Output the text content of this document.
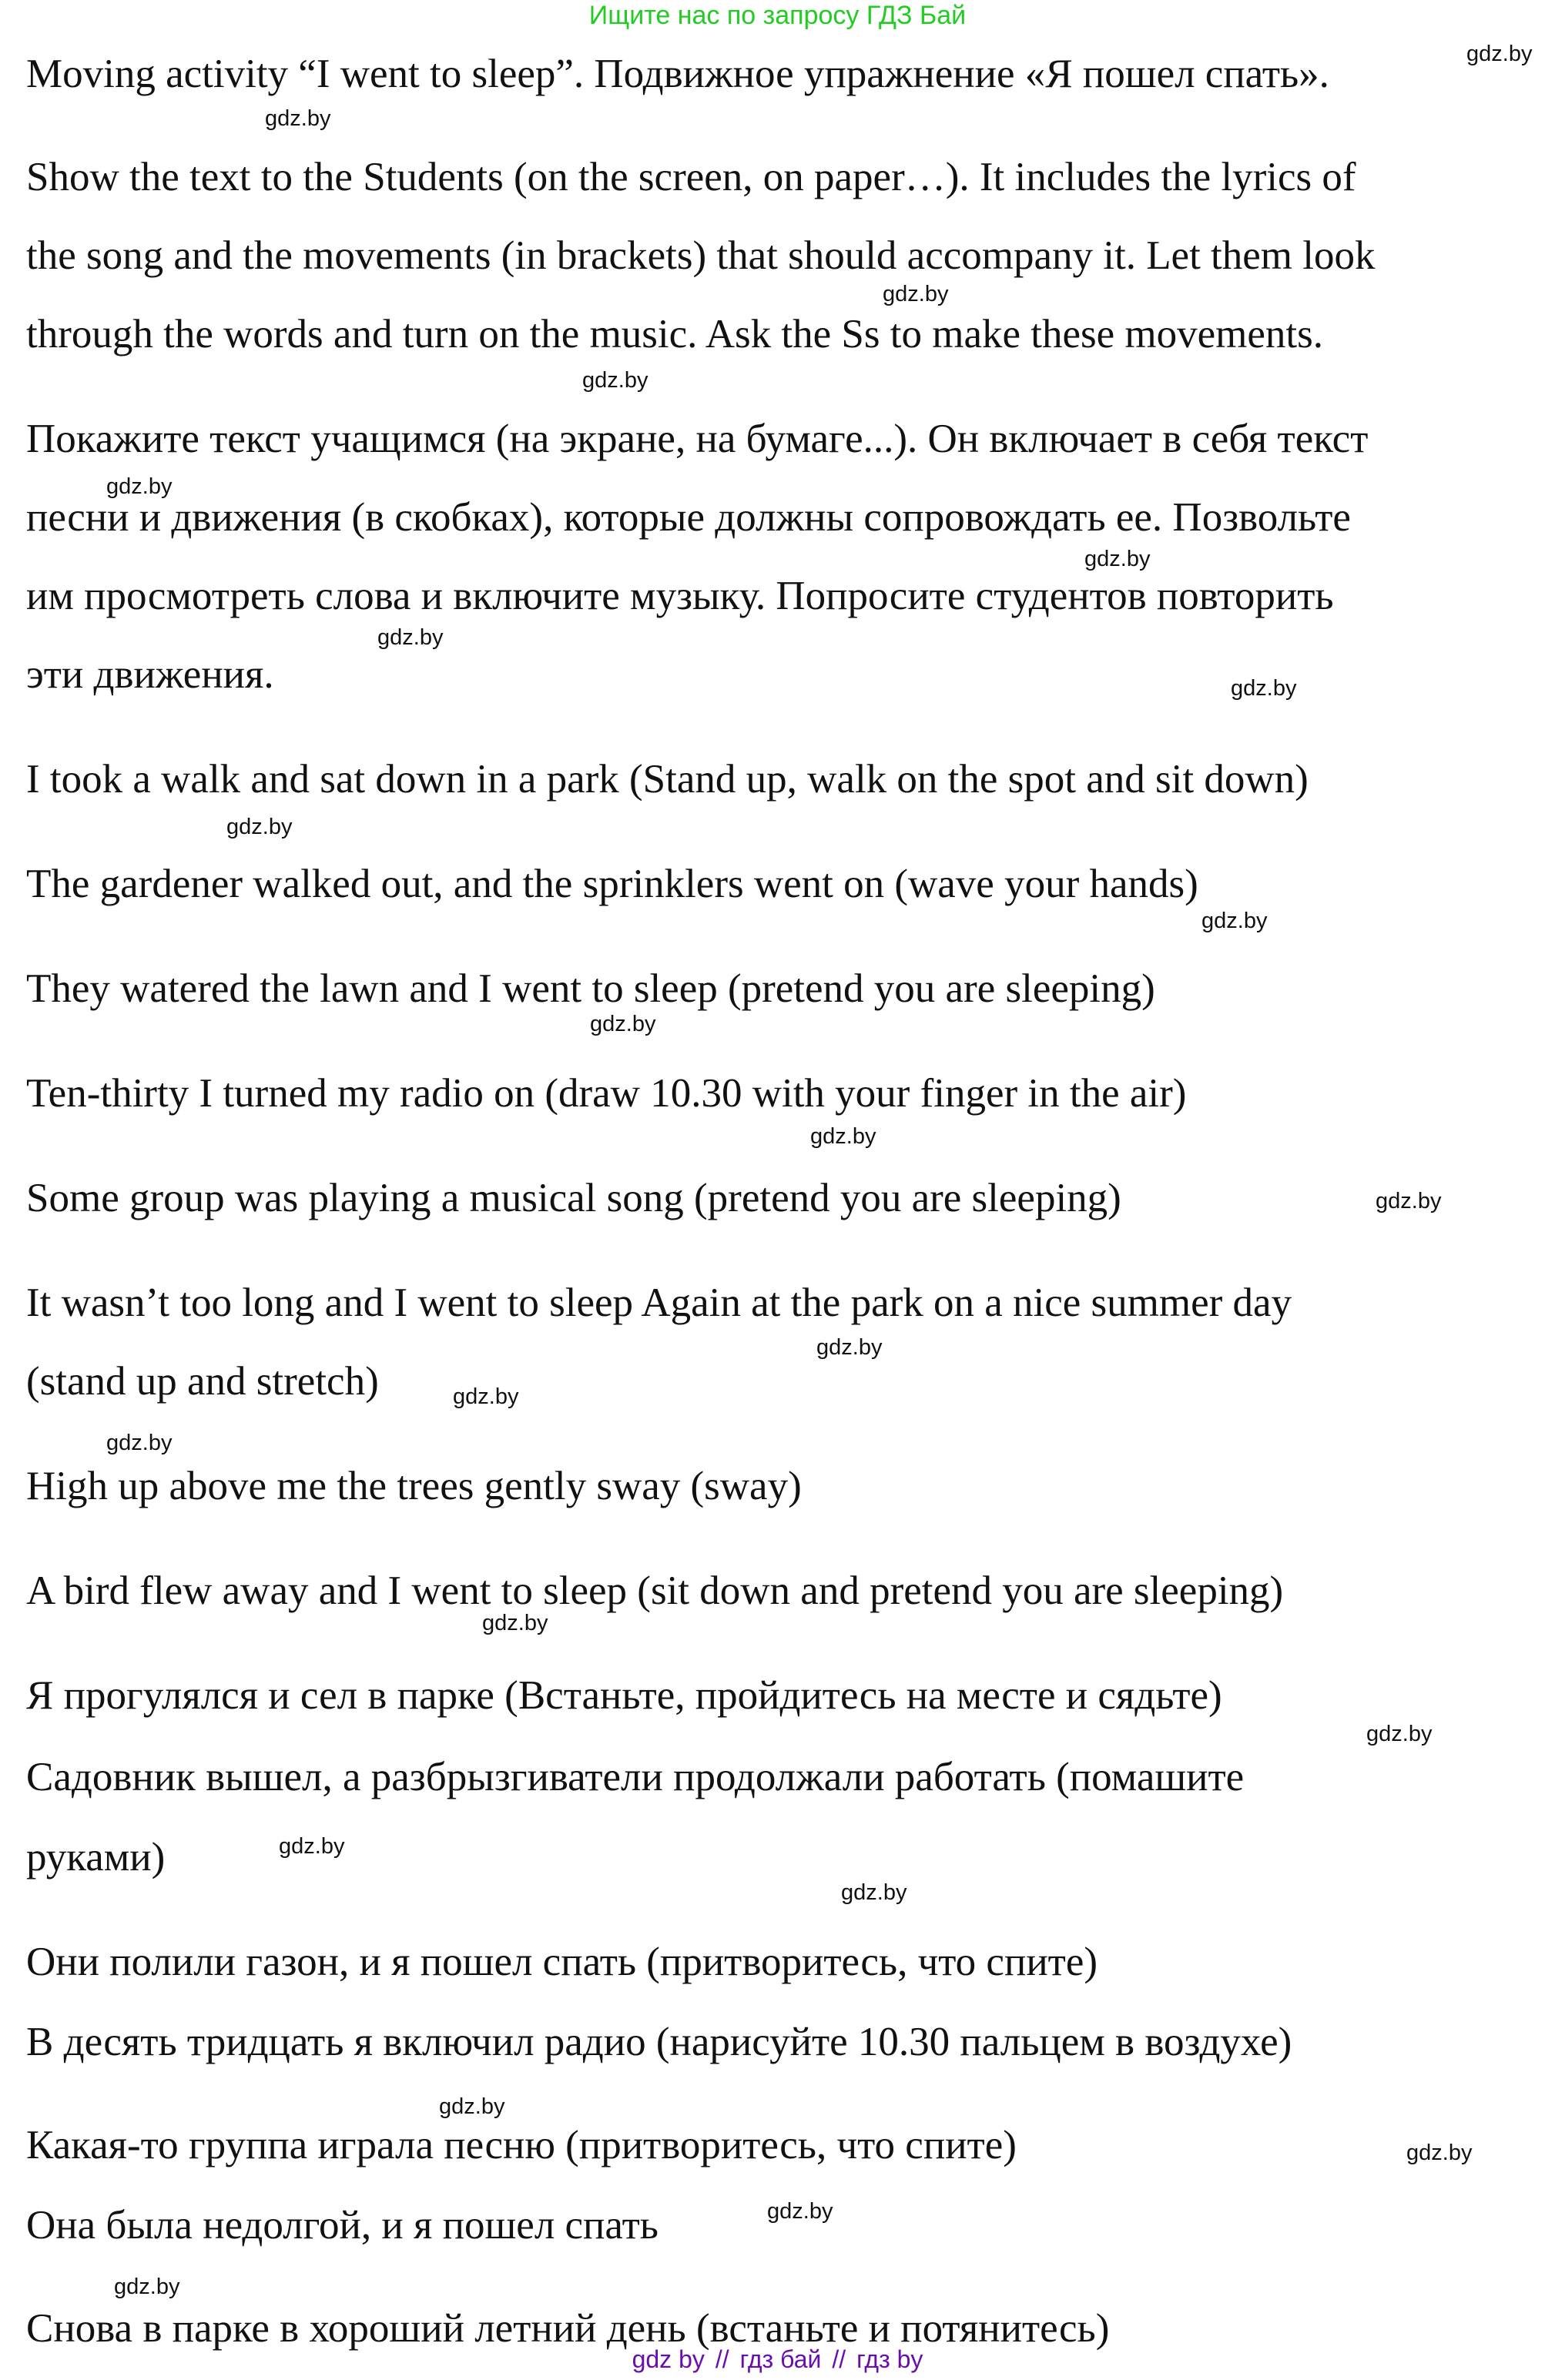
Ищите нас по запросу ГДЗ Бай
Moving activity “I went to sleep”. Подвижное упражнение «Я пошел спать».
Show the text to the Students (on the screen, on paper…). It includes the lyrics of
the song and the movements (in brackets) that should accompany it. Let them look
through the words and turn on the music. Ask the Ss to make these movements.
Покажите текст учащимся (на экране, на бумаге...). Он включает в себя текст
песни и движения (в скобках), которые должны сопровождать ее. Позвольте
им просмотреть слова и включите музыку. Попросите студентов повторить
эти движения.
I took a walk and sat down in a park (Stand up, walk on the spot and sit down)
The gardener walked out, and the sprinklers went on (wave your hands)
They watered the lawn and I went to sleep (pretend you are sleeping)
Ten-thirty I turned my radio on (draw 10.30 with your finger in the air)
Some group was playing a musical song (pretend you are sleeping)
It wasn’t too long and I went to sleep Again at the park on a nice summer day
(stand up and stretch)
High up above me the trees gently sway (sway)
A bird flew away and I went to sleep (sit down and pretend you are sleeping)
Я прогулялся и сел в парке (Встаньте, пройдитесь на месте и сядьте)
Садовник вышел, а разбрызгиватели продолжали работать (помашите
руками)
Они полили газон, и я пошел спать (притворитесь, что спите)
В десять тридцать я включил радио (нарисуйте 10.30 пальцем в воздухе)
Какая-то группа играла песню (притворитесь, что спите)
Она была недолгой, и я пошел спать
Снова в парке в хороший летний день (встаньте и потянитесь)
gdz.by
gdz.by
gdz.by
gdz.by
gdz.by
gdz.by
gdz.by
gdz.by
gdz.by
gdz.by
gdz.by
gdz.by
gdz.by
gdz.by
gdz.by
gdz.by
gdz.by
gdz.by
gdz.by
gdz.by
gdz.by
gdz.by
gdz.by
gdz.by
gdz by // гдз бай // гдз by
